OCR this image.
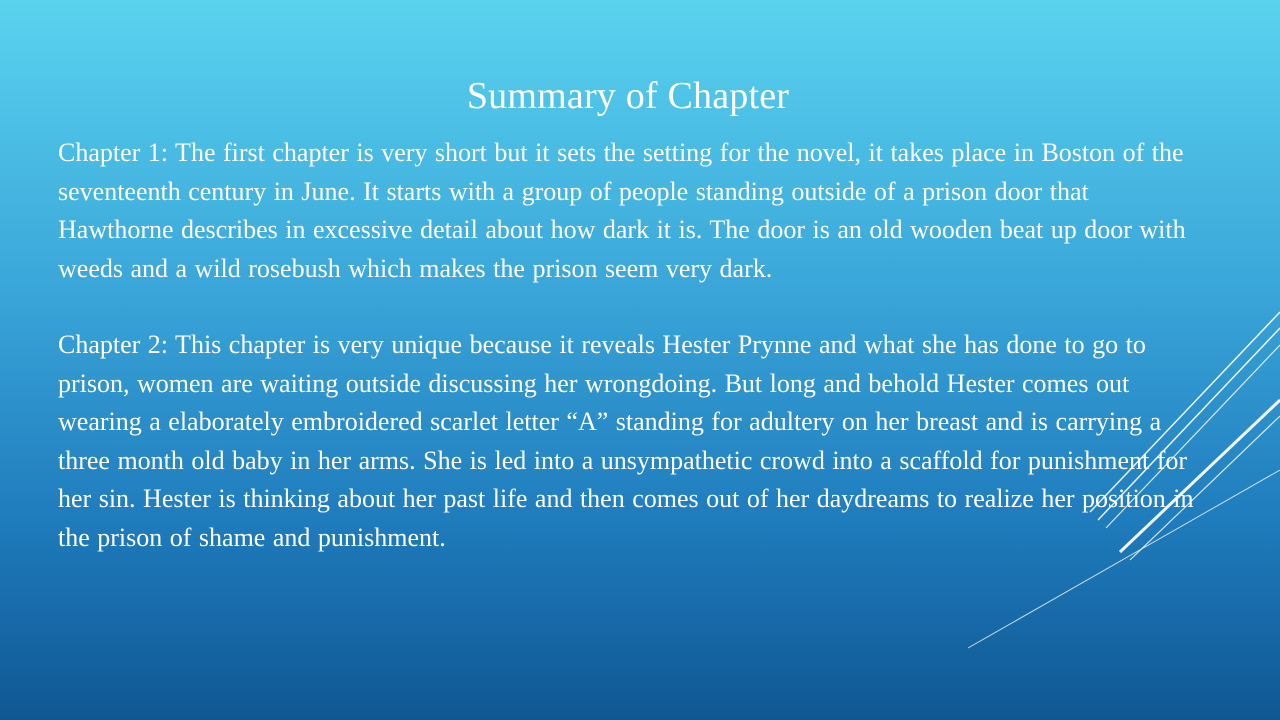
Summary of Chapter

Chapter 1: The first chapter is very short but it sets the setting for the novel, it takes place in Boston of the seventeenth century in June. It starts with a group of people standing outside of a prison door that Hawthorne describes in excessive detail about how dark it is. The door is an old wooden beat up door with weeds and a wild rosebush which makes the prison seem very dark.

Chapter 2: This chapter is very unique because it reveals Hester Prynne and what she has done to go to prison, women are waiting outside discussing her wrongdoing. But long and behold Hester comes out wearing a elaborately embroidered scarlet letter “A” standing for adultery on her breast and is carrying a three month old baby in her arms. She is led into a unsympathetic crowd into a scaffold for punishment for her sin. Hester is thinking about her past life and then comes out of her daydreams to realize her position in the prison of shame and punishment.
